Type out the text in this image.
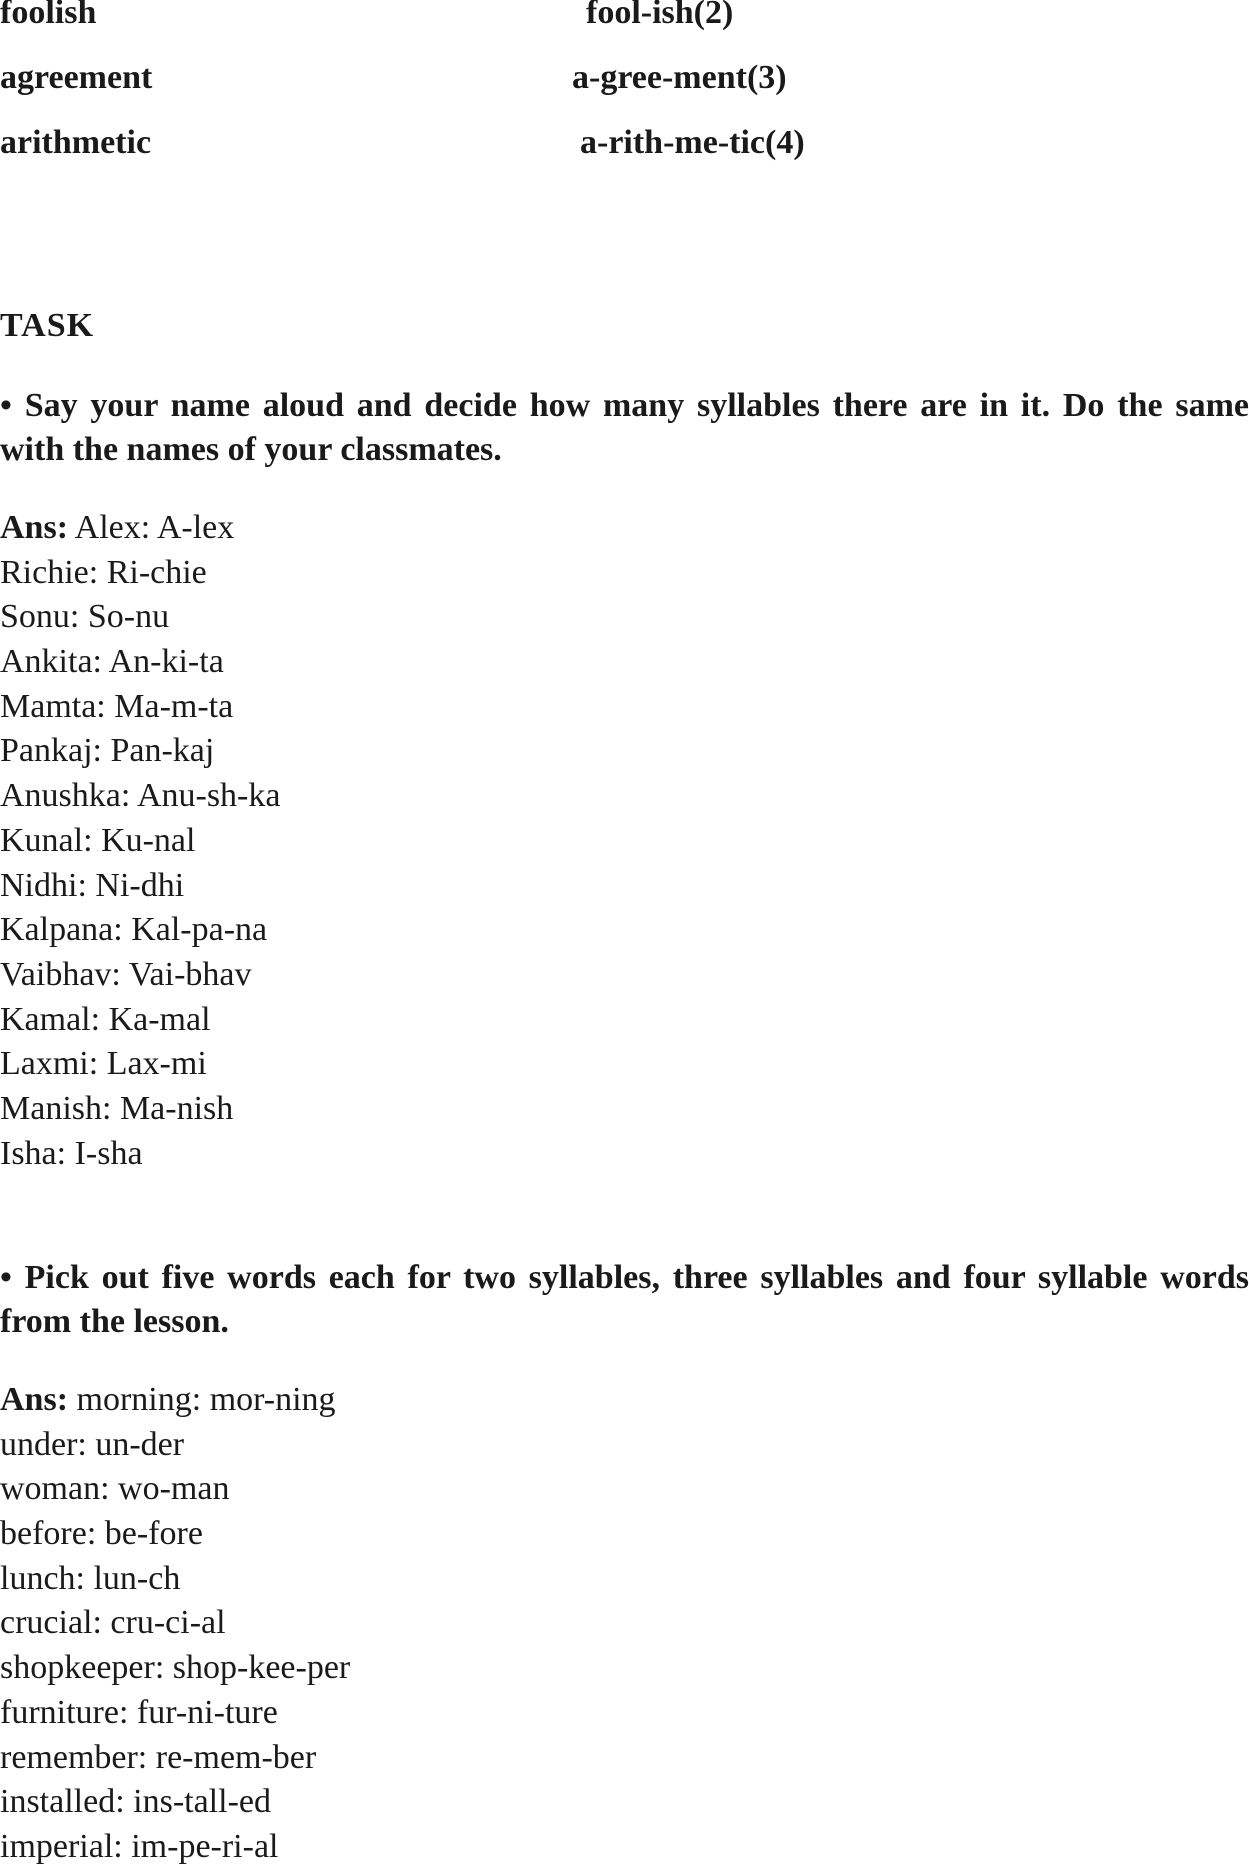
foolish	fool-ish(2)
agreement	a-gree-ment(3)
arithmetic	a-rith-me-tic(4)
TASK
• Say your name aloud and decide how many syllables there are in it. Do the same with the names of your classmates.
Ans: Alex: A-lex
Richie: Ri-chie
Sonu: So-nu
Ankita: An-ki-ta
Mamta: Ma-m-ta
Pankaj: Pan-kaj
Anushka: Anu-sh-ka
Kunal: Ku-nal
Nidhi: Ni-dhi
Kalpana: Kal-pa-na
Vaibhav: Vai-bhav
Kamal: Ka-mal
Laxmi: Lax-mi
Manish: Ma-nish
Isha: I-sha
• Pick out five words each for two syllables, three syllables and four syllable words from the lesson.
Ans: morning: mor-ning
under: un-der
woman: wo-man
before: be-fore
lunch: lun-ch
crucial: cru-ci-al
shopkeeper: shop-kee-per
furniture: fur-ni-ture
remember: re-mem-ber
installed: ins-tall-ed
imperial: im-pe-ri-al
